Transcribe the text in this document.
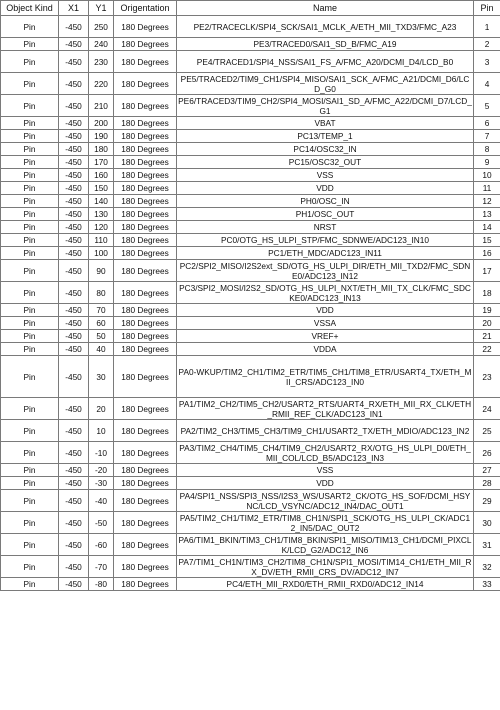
Object Kind	X1	Y1	Origentation	Name	Pin
Pin	-450	250	180 Degrees	PE2/TRACECLK/SPI4_SCK/SAI1_MCLK_A/ETH_MII_TXD3/FMC_A23	1
Pin	-450	240	180 Degrees	PE3/TRACED0/SAI1_SD_B/FMC_A19	2
Pin	-450	230	180 Degrees	PE4/TRACED1/SPI4_NSS/SAI1_FS_A/FMC_A20/DCMI_D4/LCD_B0	3
Pin	-450	220	180 Degrees	PE5/TRACED2/TIM9_CH1/SPI4_MISO/SAI1_SCK_A/FMC_A21/DCMI_D6/LCD_G0	4
Pin	-450	210	180 Degrees	PE6/TRACED3/TIM9_CH2/SPI4_MOSI/SAI1_SD_A/FMC_A22/DCMI_D7/LCD_G1	5
Pin	-450	200	180 Degrees	VBAT	6
Pin	-450	190	180 Degrees	PC13/TEMP_1	7
Pin	-450	180	180 Degrees	PC14/OSC32_IN	8
Pin	-450	170	180 Degrees	PC15/OSC32_OUT	9
Pin	-450	160	180 Degrees	VSS	10
Pin	-450	150	180 Degrees	VDD	11
Pin	-450	140	180 Degrees	PH0/OSC_IN	12
Pin	-450	130	180 Degrees	PH1/OSC_OUT	13
Pin	-450	120	180 Degrees	NRST	14
Pin	-450	110	180 Degrees	PC0/OTG_HS_ULPI_STP/FMC_SDNWE/ADC123_IN10	15
Pin	-450	100	180 Degrees	PC1/ETH_MDC/ADC123_IN11	16
Pin	-450	90	180 Degrees	PC2/SPI2_MISO/I2S2ext_SD/OTG_HS_ULPI_DIR/ETH_MII_TXD2/FMC_SDNE0/ADC123_IN12	17
Pin	-450	80	180 Degrees	PC3/SPI2_MOSI/I2S2_SD/OTG_HS_ULPI_NXT/ETH_MII_TX_CLK/FMC_SDCKE0/ADC123_IN13	18
Pin	-450	70	180 Degrees	VDD	19
Pin	-450	60	180 Degrees	VSSA	20
Pin	-450	50	180 Degrees	VREF+	21
Pin	-450	40	180 Degrees	VDDA	22
Pin	-450	30	180 Degrees	PA0-WKUP/TIM2_CH1/TIM2_ETR/TIM5_CH1/TIM8_ETR/USART4_TX/ETH_MII_CRS/ADC123_IN0	23
Pin	-450	20	180 Degrees	PA1/TIM2_CH2/TIM5_CH2/USART2_RTS/UART4_RX/ETH_MII_RX_CLK/ETH_RMII_REF_CLK/ADC123_IN1	24
Pin	-450	10	180 Degrees	PA2/TIM2_CH3/TIM5_CH3/TIM9_CH1/USART2_TX/ETH_MDIO/ADC123_IN2	25
Pin	-450	-10	180 Degrees	PA3/TIM2_CH4/TIM5_CH4/TIM9_CH2/USART2_RX/OTG_HS_ULPI_D0/ETH_MII_COL/LCD_B5/ADC123_IN3	26
Pin	-450	-20	180 Degrees	VSS	27
Pin	-450	-30	180 Degrees	VDD	28
Pin	-450	-40	180 Degrees	PA4/SPI1_NSS/SPI3_NSS/I2S3_WS/USART2_CK/OTG_HS_SOF/DCMI_HSYNC/LCD_VSYNC/ADC12_IN4/DAC_OUT1	29
Pin	-450	-50	180 Degrees	PA5/TIM2_CH1/TIM2_ETR/TIM8_CH1N/SPI1_SCK/OTG_HS_ULPI_CK/ADC12_IN5/DAC_OUT2	30
Pin	-450	-60	180 Degrees	PA6/TIM1_BKIN/TIM3_CH1/TIM8_BKIN/SPI1_MISO/TIM13_CH1/DCMI_PIXCLK/LCD_G2/ADC12_IN6	31
Pin	-450	-70	180 Degrees	PA7/TIM1_CH1N/TIM3_CH2/TIM8_CH1N/SPI1_MOSI/TIM14_CH1/ETH_MII_RX_DV/ETH_RMII_CRS_DV/ADC12_IN7	32
Pin	-450	-80	180 Degrees	PC4/ETH_MII_RXD0/ETH_RMII_RXD0/ADC12_IN14	33
